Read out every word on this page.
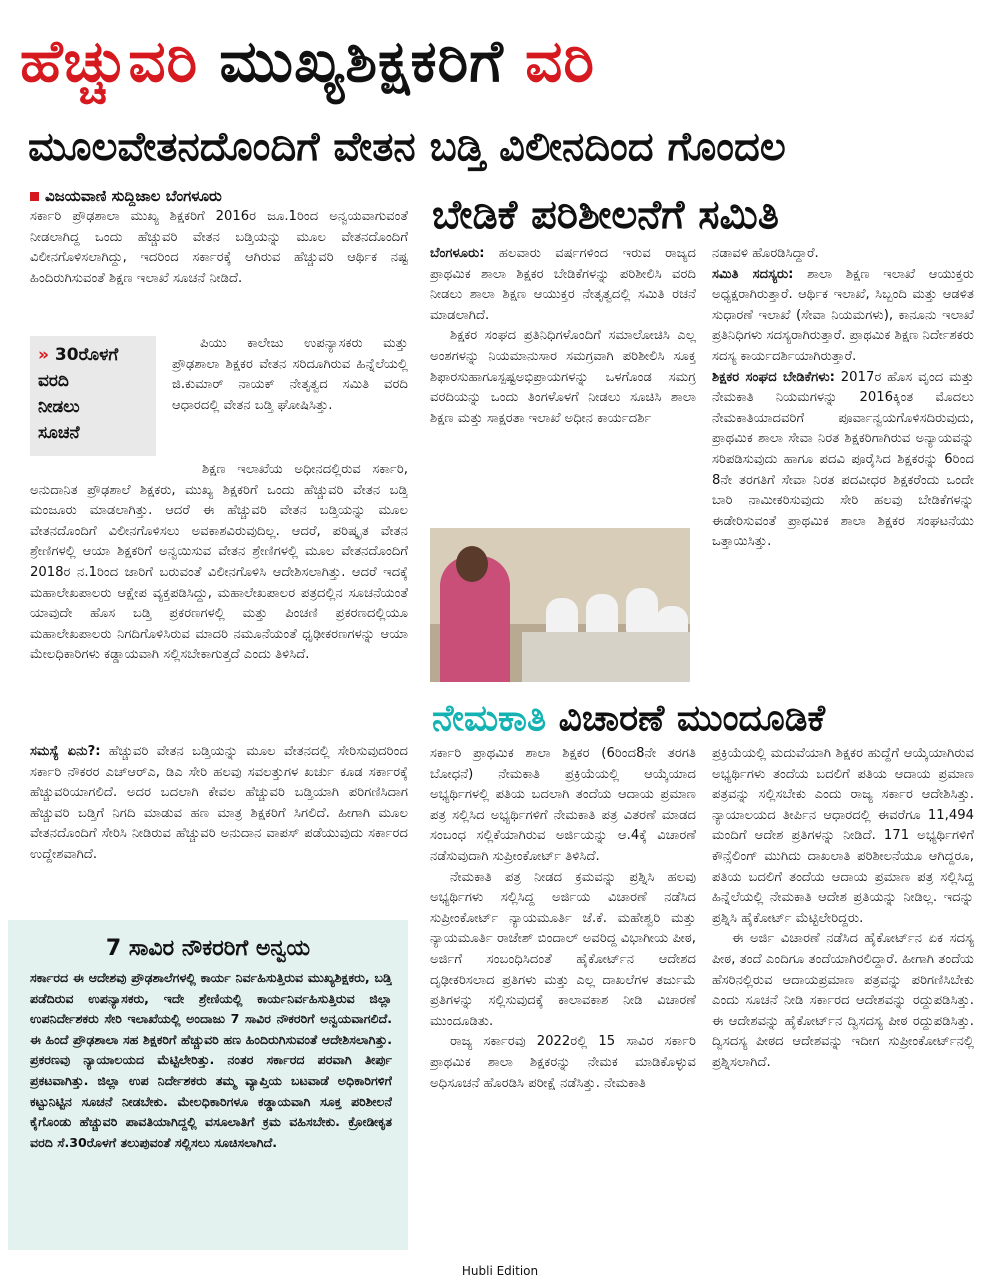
ಹೆಚ್ಚುವರಿ ಮುಖ್ಯಶಿಕ್ಷಕರಿಗೆ ವರಿ
ಮೂಲವೇತನದೊಂದಿಗೆ ವೇತನ ಬಡ್ತಿ ವಿಲೀನದಿಂದ ಗೊಂದಲ
ವಿಜಯವಾಣಿ ಸುದ್ದಿಜಾಲ ಬೆಂಗಳೂರು

ಸರ್ಕಾರಿ ಪ್ರೌಢಶಾಲಾ ಮುಖ್ಯ ಶಿಕ್ಷಕರಿಗೆ 2016ರ ಜೂ.1ರಿಂದ ಅನ್ವಯವಾಗುವಂತೆ ನೀಡಲಾಗಿದ್ದ ಒಂದು ಹೆಚ್ಚುವರಿ ವೇತನ ಬಡ್ತಿಯನ್ನು ಮೂಲ ವೇತನದೊಂದಿಗೆ ವಿಲೀನಗೊಳಿಸಲಾಗಿದ್ದು, ಇದರಿಂದ ಸರ್ಕಾರಕ್ಕೆ ಆಗಿರುವ ಹೆಚ್ಚುವರಿ ಆರ್ಥಿಕ ನಷ್ಟ ಹಿಂದಿರುಗಿಸುವಂತೆ ಶಿಕ್ಷಣ ಇಲಾಖೆ ಸೂಚನೆ ನೀಡಿದೆ.

» 30ರೊಳಗೆ
ವರದಿ
ನೀಡಲು
ಸೂಚನೆ

ಪಿಯು ಕಾಲೇಜು ಉಪನ್ಯಾಸಕರು ಮತ್ತು ಪ್ರೌಢಶಾಲಾ ಶಿಕ್ಷಕರ ವೇತನ ಸರಿದೂಗಿರುವ ಹಿನ್ನೆಲೆಯಲ್ಲಿ ಜಿ.ಕುಮಾರ್ ನಾಯಕ್ ನೇತೃತ್ವದ ಸಮಿತಿ ವರದಿ ಆಧಾರದಲ್ಲಿ ವೇತನ ಬಡ್ತಿ ಘೋಷಿಸಿತ್ತು.

ಶಿಕ್ಷಣ ಇಲಾಖೆಯ ಅಧೀನದಲ್ಲಿರುವ ಸರ್ಕಾರಿ, ಅನುದಾನಿತ ಪ್ರೌಢಶಾಲೆ ಶಿಕ್ಷಕರು, ಮುಖ್ಯ ಶಿಕ್ಷಕರಿಗೆ ಒಂದು ಹೆಚ್ಚುವರಿ ವೇತನ ಬಡ್ತಿ ಮಂಜೂರು ಮಾಡಲಾಗಿತ್ತು. ಆದರೆ ಈ ಹೆಚ್ಚುವರಿ ವೇತನ ಬಡ್ತಿಯನ್ನು ಮೂಲ ವೇತನದೊಂದಿಗೆ ವಿಲೀನಗೊಳಿಸಲು ಅವಕಾಶವಿರುವುದಿಲ್ಲ. ಆದರೆ, ಪರಿಷ್ಕೃತ ವೇತನ ಶ್ರೇಣಿಗಳಲ್ಲಿ ಆಯಾ ಶಿಕ್ಷಕರಿಗೆ ಅನ್ವಯಿಸುವ ವೇತನ ಶ್ರೇಣಿಗಳಲ್ಲಿ ಮೂಲ ವೇತನದೊಂದಿಗೆ 2018ರ ನ.1ರಿಂದ ಜಾರಿಗೆ ಬರುವಂತೆ ವಿಲೀನಗೊಳಿಸಿ ಆದೇಶಿಸಲಾಗಿತ್ತು. ಆದರೆ ಇದಕ್ಕೆ ಮಹಾಲೇಖಪಾಲರು ಆಕ್ಷೇಪ ವ್ಯಕ್ತಪಡಿಸಿದ್ದು, ಮಹಾಲೇಖಪಾಲರ ಪತ್ರದಲ್ಲಿನ ಸೂಚನೆಯಂತೆ ಯಾವುದೇ ಹೊಸ ಬಡ್ತಿ ಪ್ರಕರಣಗಳಲ್ಲಿ ಮತ್ತು ಪಿಂಚಣಿ ಪ್ರಕರಣದಲ್ಲಿಯೂ ಮಹಾಲೇಖಪಾಲರು ನಿಗದಿಗೊಳಿಸಿರುವ ಮಾದರಿ ನಮೂನೆಯಂತೆ ಧೃಢೀಕರಣಗಳನ್ನು ಆಯಾ ಮೇಲಧಿಕಾರಿಗಳು ಕಡ್ಡಾಯವಾಗಿ ಸಲ್ಲಿಸಬೇಕಾಗುತ್ತದೆ ಎಂದು ತಿಳಿಸಿದೆ.

ಸಮಸ್ಯೆ ಏನು?: ಹೆಚ್ಚುವರಿ ವೇತನ ಬಡ್ತಿಯನ್ನು ಮೂಲ ವೇತನದಲ್ಲಿ ಸೇರಿಸುವುದರಿಂದ ಸರ್ಕಾರಿ ನೌಕರರ ಎಚ್‌ಆರ್‌ಎ, ಡಿಎ ಸೇರಿ ಹಲವು ಸವಲತ್ತುಗಳ ಖರ್ಚು ಕೂಡ ಸರ್ಕಾರಕ್ಕೆ ಹೆಚ್ಚುವರಿಯಾಗಲಿದೆ. ಅದರ ಬದಲಾಗಿ ಕೇವಲ ಹೆಚ್ಚುವರಿ ಬಡ್ತಿಯಾಗಿ ಪರಿಗಣಿಸಿದಾಗ ಹೆಚ್ಚುವರಿ ಬಡ್ತಿಗೆ ನಿಗದಿ ಮಾಡುವ ಹಣ ಮಾತ್ರ ಶಿಕ್ಷಕರಿಗೆ ಸಿಗಲಿದೆ. ಹೀಗಾಗಿ ಮೂಲ ವೇತನದೊಂದಿಗೆ ಸೇರಿಸಿ ನೀಡಿರುವ ಹೆಚ್ಚುವರಿ ಅನುದಾನ ವಾಪಸ್ ಪಡೆಯುವುದು ಸರ್ಕಾರದ ಉದ್ದೇಶವಾಗಿದೆ.

ಬೇಡಿಕೆ ಪರಿಶೀಲನೆಗೆ ಸಮಿತಿ

ಬೆಂಗಳೂರು: ಹಲವಾರು ವರ್ಷಗಳಿಂದ ಇರುವ ರಾಜ್ಯದ ಪ್ರಾಥಮಿಕ ಶಾಲಾ ಶಿಕ್ಷಕರ ಬೇಡಿಕೆಗಳನ್ನು ಪರಿಶೀಲಿಸಿ ವರದಿ ನೀಡಲು ಶಾಲಾ ಶಿಕ್ಷಣ ಆಯುಕ್ತರ ನೇತೃತ್ವದಲ್ಲಿ ಸಮಿತಿ ರಚನೆ ಮಾಡಲಾಗಿದೆ.

ಶಿಕ್ಷಕರ ಸಂಘದ ಪ್ರತಿನಿಧಿಗಳೊಂದಿಗೆ ಸಮಾಲೋಚಿಸಿ ಎಲ್ಲ ಅಂಶಗಳನ್ನು ನಿಯಮಾನುಸಾರ ಸಮಗ್ರವಾಗಿ ಪರಿಶೀಲಿಸಿ ಸೂಕ್ತ ಶಿಫಾರಸುಹಾಗೂಸ್ಪಷ್ಟಅಭಿಪ್ರಾಯಗಳನ್ನು ಒಳಗೊಂಡ ಸಮಗ್ರ ವರದಿಯನ್ನು ಒಂದು ತಿಂಗಳೊಳಗೆ ನೀಡಲು ಸೂಚಿಸಿ ಶಾಲಾ ಶಿಕ್ಷಣ ಮತ್ತು ಸಾಕ್ಷರತಾ ಇಲಾಖೆ ಅಧೀನ ಕಾರ್ಯದರ್ಶಿ

ನಡಾವಳಿ ಹೊರಡಿಸಿದ್ದಾರೆ.

ಸಮಿತಿ ಸದಸ್ಯರು: ಶಾಲಾ ಶಿಕ್ಷಣ ಇಲಾಖೆ ಆಯುಕ್ತರು ಅಧ್ಯಕ್ಷರಾಗಿರುತ್ತಾರೆ. ಆರ್ಥಿಕ ಇಲಾಖೆ, ಸಿಬ್ಬಂದಿ ಮತ್ತು ಆಡಳಿತ ಸುಧಾರಣೆ ಇಲಾಖೆ (ಸೇವಾ ನಿಯಮಗಳು), ಕಾನೂನು ಇಲಾಖೆ ಪ್ರತಿನಿಧಿಗಳು ಸದಸ್ಯರಾಗಿರುತ್ತಾರೆ. ಪ್ರಾಥಮಿಕ ಶಿಕ್ಷಣ ನಿರ್ದೇಶಕರು ಸದಸ್ಯ ಕಾರ್ಯದರ್ಶಿಯಾಗಿರುತ್ತಾರೆ.

ಶಿಕ್ಷಕರ ಸಂಘದ ಬೇಡಿಕೆಗಳು: 2017ರ ಹೊಸ ವೃಂದ ಮತ್ತು ನೇಮಕಾತಿ ನಿಯಮಗಳನ್ನು 2016ಕ್ಕಿಂತ ಮೊದಲು ನೇಮಕಾತಿಯಾದವರಿಗೆ ಪೂರ್ವಾನ್ವಯಗೊಳಿಸದಿರುವುದು, ಪ್ರಾಥಮಿಕ ಶಾಲಾ ಸೇವಾ ನಿರತ ಶಿಕ್ಷಕರಿಗಾಗಿರುವ ಅನ್ಯಾಯವನ್ನು ಸರಿಪಡಿಸುವುದು ಹಾಗೂ ಪದವಿ ಪೂರೈಸಿದ ಶಿಕ್ಷಕರನ್ನು 6ರಿಂದ 8ನೇ ತರಗತಿಗೆ ಸೇವಾ ನಿರತ ಪದವೀಧರ ಶಿಕ್ಷಕರೆಂದು ಒಂದೇ ಬಾರಿ ನಾಮೀಕರಿಸುವುದು ಸೇರಿ ಹಲವು ಬೇಡಿಕೆಗಳನ್ನು ಈಡೇರಿಸುವಂತೆ ಪ್ರಾಥಮಿಕ ಶಾಲಾ ಶಿಕ್ಷಕರ ಸಂಘಟನೆಯು ಒತ್ತಾಯಿಸಿತ್ತು.

ನೇಮಕಾತಿ ವಿಚಾರಣೆ ಮುಂದೂಡಿಕೆ

ಸರ್ಕಾರಿ ಪ್ರಾಥಮಿಕ ಶಾಲಾ ಶಿಕ್ಷಕರ (6ರಿಂದ8ನೇ ತರಗತಿ ಬೋಧನೆ) ನೇಮಕಾತಿ ಪ್ರಕ್ರಿಯೆಯಲ್ಲಿ ಆಯ್ಕೆಯಾದ ಅಭ್ಯರ್ಥಿಗಳಲ್ಲಿ ಪತಿಯ ಬದಲಾಗಿ ತಂದೆಯ ಆದಾಯ ಪ್ರಮಾಣ ಪತ್ರ ಸಲ್ಲಿಸಿದ ಅಭ್ಯರ್ಥಿಗಳಿಗೆ ನೇಮಕಾತಿ ಪತ್ರ ವಿತರಣೆ ಮಾಡದ ಸಂಬಂಧ ಸಲ್ಲಿಕೆಯಾಗಿರುವ ಅರ್ಜಿಯನ್ನು ಆ.4ಕ್ಕೆ ವಿಚಾರಣೆ ನಡೆಸುವುದಾಗಿ ಸುಪ್ರೀಂಕೋರ್ಟ್ ತಿಳಿಸಿದೆ.

ನೇಮಕಾತಿ ಪತ್ರ ನೀಡದ ಕ್ರಮವನ್ನು ಪ್ರಶ್ನಿಸಿ ಹಲವು ಅಭ್ಯರ್ಥಿಗಳು ಸಲ್ಲಿಸಿದ್ದ ಅರ್ಜಿಯ ವಿಚಾರಣೆ ನಡೆಸಿದ ಸುಪ್ರೀಂಕೋರ್ಟ್ ನ್ಯಾಯಮೂರ್ತಿ ಜೆ.ಕೆ. ಮಹೇಶ್ವರಿ ಮತ್ತು ನ್ಯಾಯಮೂರ್ತಿ ರಾಜೇಶ್ ಬಿಂದಾಲ್ ಅವರಿದ್ದ ವಿಭಾಗೀಯ ಪೀಠ, ಅರ್ಜಿಗೆ ಸಂಬಂಧಿಸಿದಂತೆ ಹೈಕೋರ್ಟ್‌ನ ಆದೇಶದ ದೃಢೀಕರಿಸಲಾದ ಪ್ರತಿಗಳು ಮತ್ತು ಎಲ್ಲ ದಾಖಲೆಗಳ ತರ್ಜುಮೆ ಪ್ರತಿಗಳನ್ನು ಸಲ್ಲಿಸುವುದಕ್ಕೆ ಕಾಲಾವಕಾಶ ನೀಡಿ ವಿಚಾರಣೆ ಮುಂದೂಡಿತು.

ರಾಜ್ಯ ಸರ್ಕಾರವು 2022ರಲ್ಲಿ 15 ಸಾವಿರ ಸರ್ಕಾರಿ ಪ್ರಾಥಮಿಕ ಶಾಲಾ ಶಿಕ್ಷಕರನ್ನು ನೇಮಕ ಮಾಡಿಕೊಳ್ಳುವ ಅಧಿಸೂಚನೆ ಹೊರಡಿಸಿ ಪರೀಕ್ಷೆ ನಡೆಸಿತ್ತು. ನೇಮಕಾತಿ

ಪ್ರಕ್ರಿಯೆಯಲ್ಲಿ ಮದುವೆಯಾಗಿ ಶಿಕ್ಷಕರ ಹುದ್ದೆಗೆ ಆಯ್ಕೆಯಾಗಿರುವ ಅಭ್ಯರ್ಥಿಗಳು ತಂದೆಯ ಬದಲಿಗೆ ಪತಿಯ ಆದಾಯ ಪ್ರಮಾಣ ಪತ್ರವನ್ನು ಸಲ್ಲಿಸಬೇಕು ಎಂದು ರಾಜ್ಯ ಸರ್ಕಾರ ಆದೇಶಿಸಿತ್ತು. ನ್ಯಾಯಾಲಯದ ತೀರ್ಪಿನ ಆಧಾರದಲ್ಲಿ ಈವರೆಗೂ 11,494 ಮಂದಿಗೆ ಆದೇಶ ಪ್ರತಿಗಳನ್ನು ನೀಡಿದೆ. 171 ಅಭ್ಯರ್ಥಿಗಳಿಗೆ ಕೌನ್ಸೆಲಿಂಗ್ ಮುಗಿದು ದಾಖಲಾತಿ ಪರಿಶೀಲನೆಯೂ ಆಗಿದ್ದರೂ, ಪತಿಯ ಬದಲಿಗೆ ತಂದೆಯ ಆದಾಯ ಪ್ರಮಾಣ ಪತ್ರ ಸಲ್ಲಿಸಿದ್ದ ಹಿನ್ನೆಲೆಯಲ್ಲಿ ನೇಮಕಾತಿ ಆದೇಶ ಪ್ರತಿಯನ್ನು ನೀಡಿಲ್ಲ. ಇದನ್ನು ಪ್ರಶ್ನಿಸಿ ಹೈಕೋರ್ಟ್ ಮೆಟ್ಟಿಲೇರಿದ್ದರು.

ಈ ಅರ್ಜಿ ವಿಚಾರಣೆ ನಡೆಸಿದ ಹೈಕೋರ್ಟ್‌ನ ಏಕ ಸದಸ್ಯ ಪೀಠ, ತಂದೆ ಎಂದಿಗೂ ತಂದೆಯಾಗಿರಲಿದ್ದಾರೆ. ಹೀಗಾಗಿ ತಂದೆಯ ಹೆಸರಿನಲ್ಲಿರುವ ಆದಾಯಪ್ರಮಾಣ ಪತ್ರವನ್ನು ಪರಿಗಣಿಸಿಬೇಕು ಎಂದು ಸೂಚನೆ ನೀಡಿ ಸರ್ಕಾರದ ಆದೇಶವನ್ನು ರದ್ದುಪಡಿಸಿತ್ತು. ಈ ಆದೇಶವನ್ನು ಹೈಕೋರ್ಟ್‌ನ ದ್ವಿಸದಸ್ಯ ಪೀಠ ರದ್ದುಪಡಿಸಿತ್ತು. ದ್ವಿಸದಸ್ಯ ಪೀಠದ ಆದೇಶವನ್ನು ಇದೀಗ ಸುಪ್ರೀಂಕೋರ್ಟ್‌ನಲ್ಲಿ ಪ್ರಶ್ನಿಸಲಾಗಿದೆ.

7 ಸಾವಿರ ನೌಕರರಿಗೆ ಅನ್ವಯ

ಸರ್ಕಾರದ ಈ ಆದೇಶವು ಪ್ರೌಢಶಾಲೆಗಳಲ್ಲಿ ಕಾರ್ಯ ನಿರ್ವಹಿಸುತ್ತಿರುವ ಮುಖ್ಯಶಿಕ್ಷಕರು, ಬಡ್ತಿ ಪಡೆದಿರುವ ಉಪನ್ಯಾಸಕರು, ಇದೇ ಶ್ರೇಣಿಯಲ್ಲಿ ಕಾರ್ಯನಿರ್ವಹಿಸುತ್ತಿರುವ ಜಿಲ್ಲಾ ಉಪನಿರ್ದೇಶಕರು ಸೇರಿ ಇಲಾಖೆಯಲ್ಲಿ ಅಂದಾಜು 7 ಸಾವಿರ ನೌಕರರಿಗೆ ಅನ್ವಯವಾಗಲಿದೆ. ಈ ಹಿಂದೆ ಪ್ರೌಢಶಾಲಾ ಸಹ ಶಿಕ್ಷಕರಿಗೆ ಹೆಚ್ಚುವರಿ ಹಣ ಹಿಂದಿರುಗಿಸುವಂತೆ ಆದೇಶಿಸಲಾಗಿತ್ತು. ಪ್ರಕರಣವು ನ್ಯಾಯಾಲಯದ ಮೆಟ್ಟಿಲೇರಿತ್ತು. ನಂತರ ಸರ್ಕಾರದ ಪರವಾಗಿ ತೀರ್ಪು ಪ್ರಕಟವಾಗಿತ್ತು. ಜಿಲ್ಲಾ ಉಪ ನಿರ್ದೇಶಕರು ತಮ್ಮ ವ್ಯಾಪ್ತಿಯ ಬಟವಾಡೆ ಅಧಿಕಾರಿಗಳಿಗೆ ಕಟ್ಟುನಿಟ್ಟಿನ ಸೂಚನೆ ನೀಡಬೇಕು. ಮೇಲಧಿಕಾರಿಗಳೂ ಕಡ್ಡಾಯವಾಗಿ ಸೂಕ್ತ ಪರಿಶೀಲನೆ ಕೈಗೊಂಡು ಹೆಚ್ಚುವರಿ ಪಾವತಿಯಾಗಿದ್ದಲ್ಲಿ ವಸೂಲಾತಿಗೆ ಕ್ರಮ ವಹಿಸಬೇಕು. ಕ್ರೋಡೀಕೃತ ವರದಿ ಸೆ.30ರೊಳಗೆ ತಲುಪುವಂತೆ ಸಲ್ಲಿಸಲು ಸೂಚಿಸಲಾಗಿದೆ.

Hubli Edition
